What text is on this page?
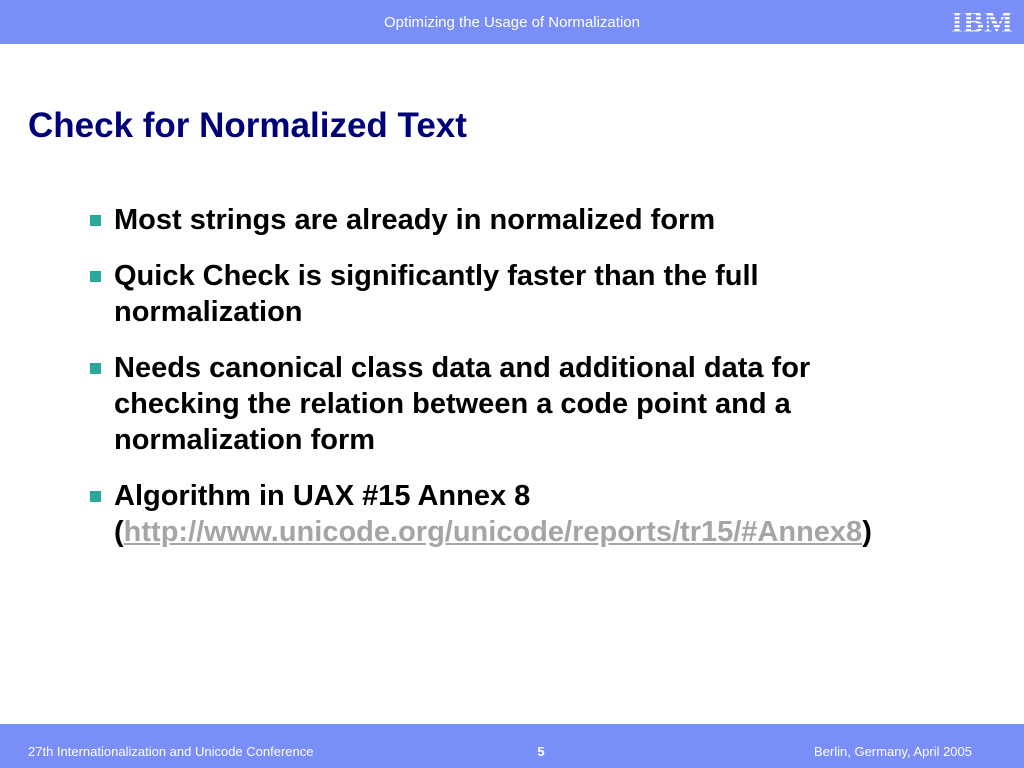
Optimizing the Usage of Normalization	IBM
Check for Normalized Text
Most strings are already in normalized form
Quick Check is significantly faster than the full normalization
Needs canonical class data and additional data for checking the relation between a code point and a normalization form
Algorithm in UAX #15 Annex 8
(http://www.unicode.org/unicode/reports/tr15/#Annex8)
27th Internationalization and Unicode Conference	5	Berlin, Germany, April 2005
